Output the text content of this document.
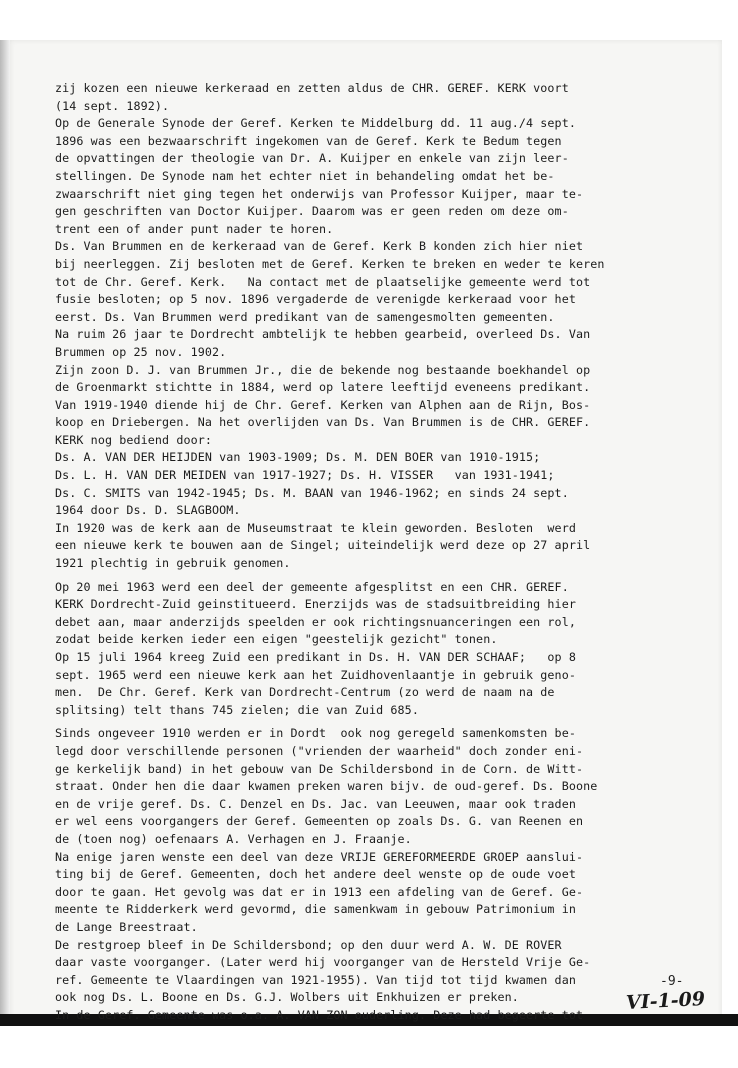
zij kozen een nieuwe kerkeraad en zetten aldus de CHR. GEREF. KERK voort
(14 sept. 1892).
Op de Generale Synode der Geref. Kerken te Middelburg dd. 11 aug./4 sept.
1896 was een bezwaarschrift ingekomen van de Geref. Kerk te Bedum tegen
de opvattingen der theologie van Dr. A. Kuijper en enkele van zijn leer-
stellingen. De Synode nam het echter niet in behandeling omdat het be-
zwaarschrift niet ging tegen het onderwijs van Professor Kuijper, maar te-
gen geschriften van Doctor Kuijper. Daarom was er geen reden om deze om-
trent een of ander punt nader te horen.
Ds. Van Brummen en de kerkeraad van de Geref. Kerk B konden zich hier niet
bij neerleggen. Zij besloten met de Geref. Kerken te breken en weder te keren
tot de Chr. Geref. Kerk.   Na contact met de plaatselijke gemeente werd tot
fusie besloten; op 5 nov. 1896 vergaderde de verenigde kerkeraad voor het
eerst. Ds. Van Brummen werd predikant van de samengesmolten gemeenten.
Na ruim 26 jaar te Dordrecht ambtelijk te hebben gearbeid, overleed Ds. Van
Brummen op 25 nov. 1902.
Zijn zoon D. J. van Brummen Jr., die de bekende nog bestaande boekhandel op
de Groenmarkt stichtte in 1884, werd op latere leeftijd eveneens predikant.
Van 1919-1940 diende hij de Chr. Geref. Kerken van Alphen aan de Rijn, Bos-
koop en Driebergen. Na het overlijden van Ds. Van Brummen is de CHR. GEREF.
KERK nog bediend door:
Ds. A. VAN DER HEIJDEN van 1903-1909; Ds. M. DEN BOER van 1910-1915;
Ds. L. H. VAN DER MEIDEN van 1917-1927; Ds. H. VISSER   van 1931-1941;
Ds. C. SMITS van 1942-1945; Ds. M. BAAN van 1946-1962; en sinds 24 sept.
1964 door Ds. D. SLAGBOOM.
In 1920 was de kerk aan de Museumstraat te klein geworden. Besloten  werd
een nieuwe kerk te bouwen aan de Singel; uiteindelijk werd deze op 27 april
1921 plechtig in gebruik genomen.
Op 20 mei 1963 werd een deel der gemeente afgesplitst en een CHR. GEREF.
KERK Dordrecht-Zuid geinstitueerd. Enerzijds was de stadsuitbreiding hier
debet aan, maar anderzijds speelden er ook richtingsnuanceringen een rol,
zodat beide kerken ieder een eigen "geestelijk gezicht" tonen.
Op 15 juli 1964 kreeg Zuid een predikant in Ds. H. VAN DER SCHAAF;   op 8
sept. 1965 werd een nieuwe kerk aan het Zuidhovenlaantje in gebruik geno-
men.  De Chr. Geref. Kerk van Dordrecht-Centrum (zo werd de naam na de
splitsing) telt thans 745 zielen; die van Zuid 685.
Sinds ongeveer 1910 werden er in Dordt  ook nog geregeld samenkomsten be-
legd door verschillende personen ("vrienden der waarheid" doch zonder eni-
ge kerkelijk band) in het gebouw van De Schildersbond in de Corn. de Witt-
straat. Onder hen die daar kwamen preken waren bijv. de oud-geref. Ds. Boone
en de vrije geref. Ds. C. Denzel en Ds. Jac. van Leeuwen, maar ook traden
er wel eens voorgangers der Geref. Gemeenten op zoals Ds. G. van Reenen en
de (toen nog) oefenaars A. Verhagen en J. Fraanje.
Na enige jaren wenste een deel van deze VRIJE GEREFORMEERDE GROEP aanslui-
ting bij de Geref. Gemeenten, doch het andere deel wenste op de oude voet
door te gaan. Het gevolg was dat er in 1913 een afdeling van de Geref. Ge-
meente te Ridderkerk werd gevormd, die samenkwam in gebouw Patrimonium in
de Lange Breestraat.
De restgroep bleef in De Schildersbond; op den duur werd A. W. DE ROVER
daar vaste voorganger. (Later werd hij voorganger van de Hersteld Vrije Ge-
ref. Gemeente te Vlaardingen van 1921-1955). Van tijd tot tijd kwamen dan
ook nog Ds. L. Boone en Ds. G.J. Wolbers uit Enkhuizen er preken.
In de Geref. Gemeente was o.a. A. VAN ZON ouderling. Deze had begeerte tot
-9-
VI-1-09
